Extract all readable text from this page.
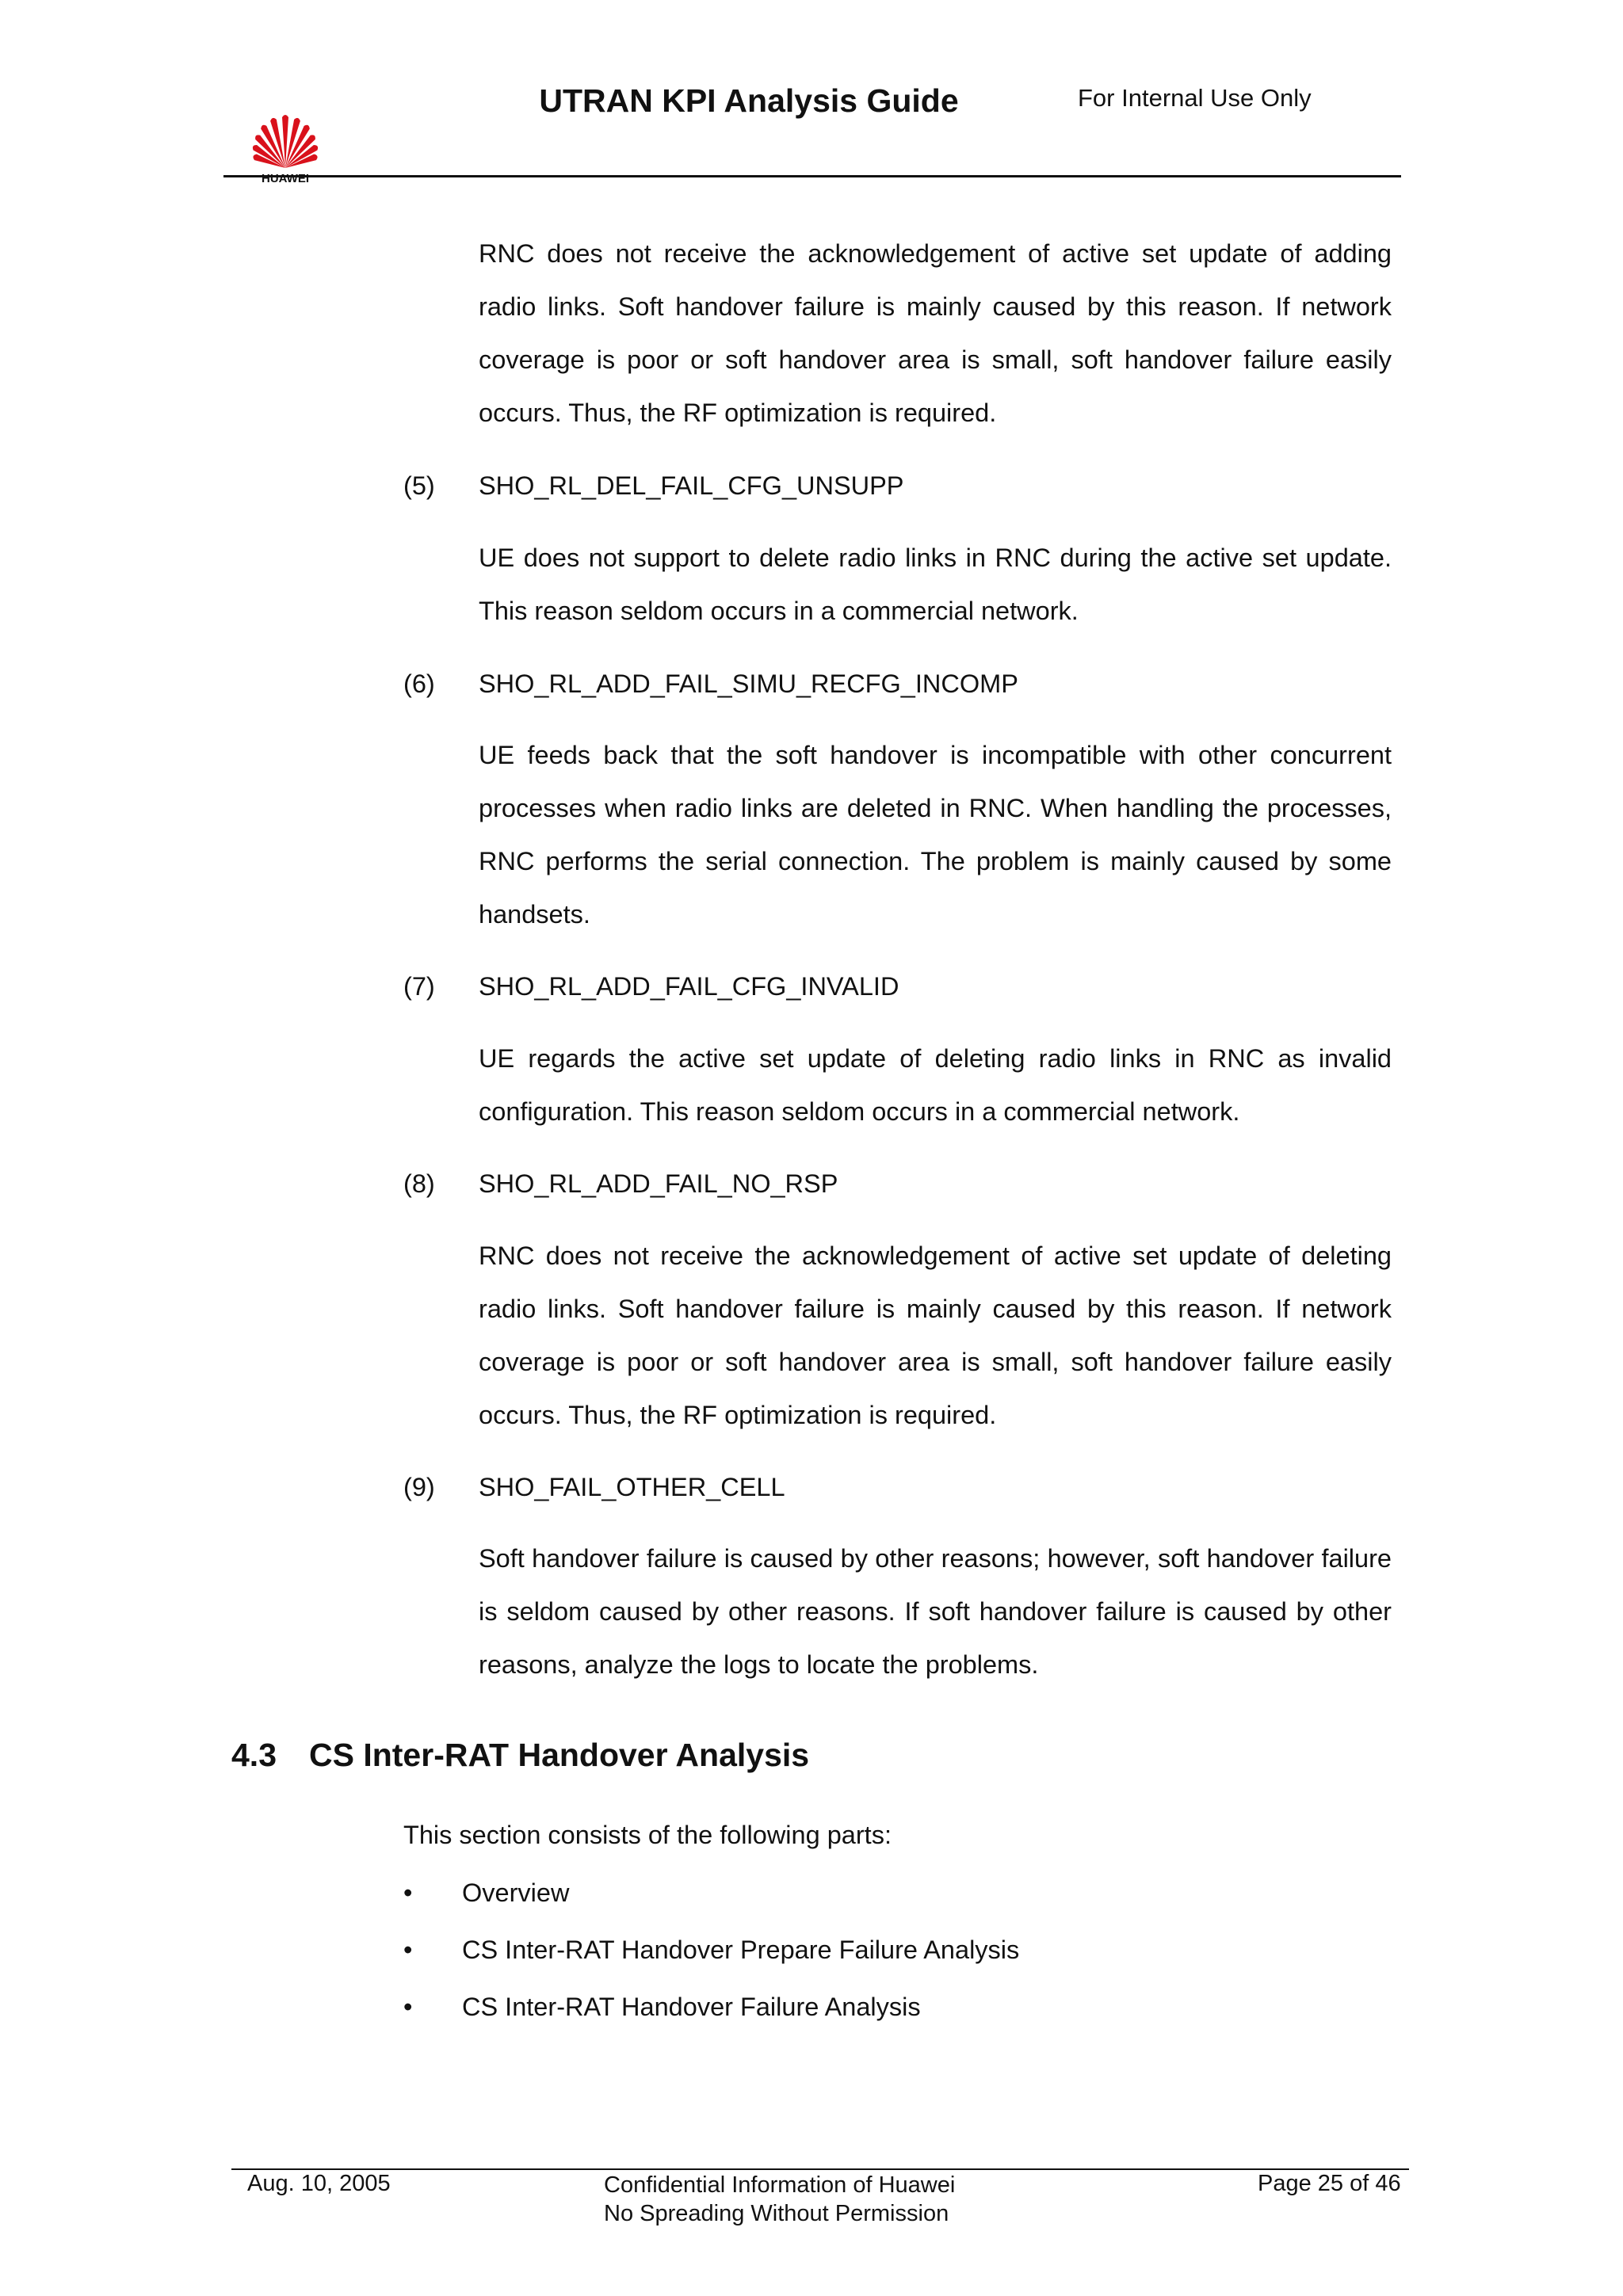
UTRAN KPI Analysis Guide	For Internal Use Only
RNC does not receive the acknowledgement of active set update of adding radio links. Soft handover failure is mainly caused by this reason. If network coverage is poor or soft handover area is small, soft handover failure easily occurs. Thus, the RF optimization is required.
(5) SHO_RL_DEL_FAIL_CFG_UNSUPP
UE does not support to delete radio links in RNC during the active set update. This reason seldom occurs in a commercial network.
(6) SHO_RL_ADD_FAIL_SIMU_RECFG_INCOMP
UE feeds back that the soft handover is incompatible with other concurrent processes when radio links are deleted in RNC. When handling the processes, RNC performs the serial connection. The problem is mainly caused by some handsets.
(7) SHO_RL_ADD_FAIL_CFG_INVALID
UE regards the active set update of deleting radio links in RNC as invalid configuration. This reason seldom occurs in a commercial network.
(8) SHO_RL_ADD_FAIL_NO_RSP
RNC does not receive the acknowledgement of active set update of deleting radio links. Soft handover failure is mainly caused by this reason. If network coverage is poor or soft handover area is small, soft handover failure easily occurs. Thus, the RF optimization is required.
(9) SHO_FAIL_OTHER_CELL
Soft handover failure is caused by other reasons; however, soft handover failure is seldom caused by other reasons. If soft handover failure is caused by other reasons, analyze the logs to locate the problems.
4.3 CS Inter-RAT Handover Analysis
This section consists of the following parts:
• Overview
• CS Inter-RAT Handover Prepare Failure Analysis
• CS Inter-RAT Handover Failure Analysis
Aug. 10, 2005	Confidential Information of Huawei
No Spreading Without Permission
Page 25 of 46
